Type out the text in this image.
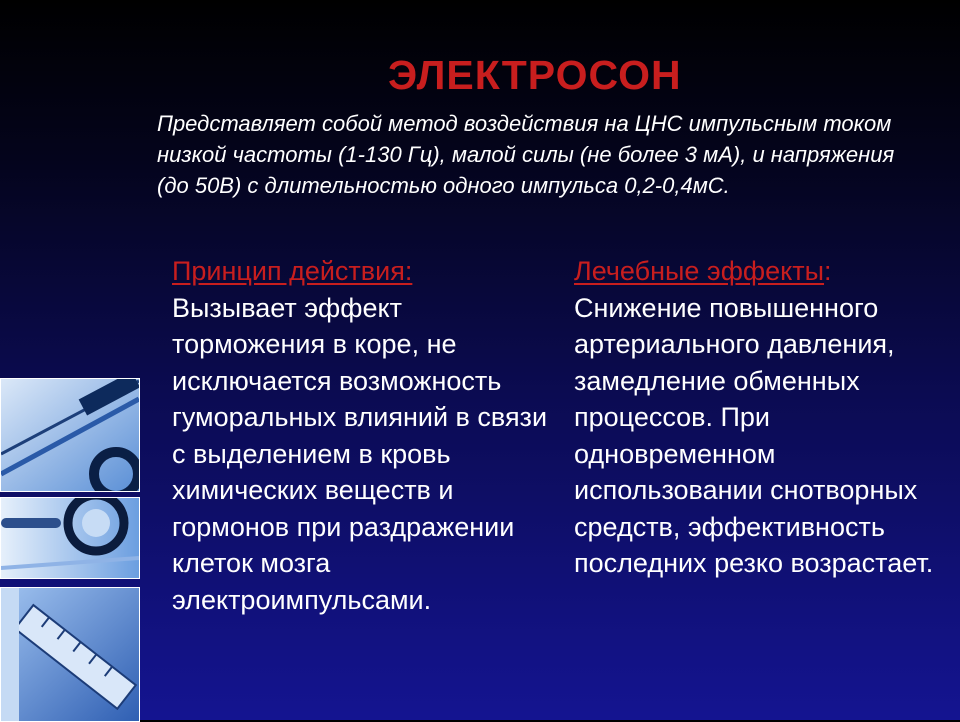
ЭЛЕКТРОСОН

Представляет собой метод воздействия на ЦНС импульсным током низкой частоты (1-130 Гц), малой силы (не более 3 мА), и напряжения (до 50В) с длительностью одного импульса 0,2-0,4мС.

Принцип действия:
Вызывает эффект торможения в коре, не исключается возможность гуморальных влияний в связи с выделением в кровь химических веществ и гормонов при раздражении клеток мозга электроимпульсами.
Лечебные эффекты:
Снижение повышенного артериального давления, замедление обменных процессов. При одновременном использовании снотворных средств, эффективность последних резко возрастает.
